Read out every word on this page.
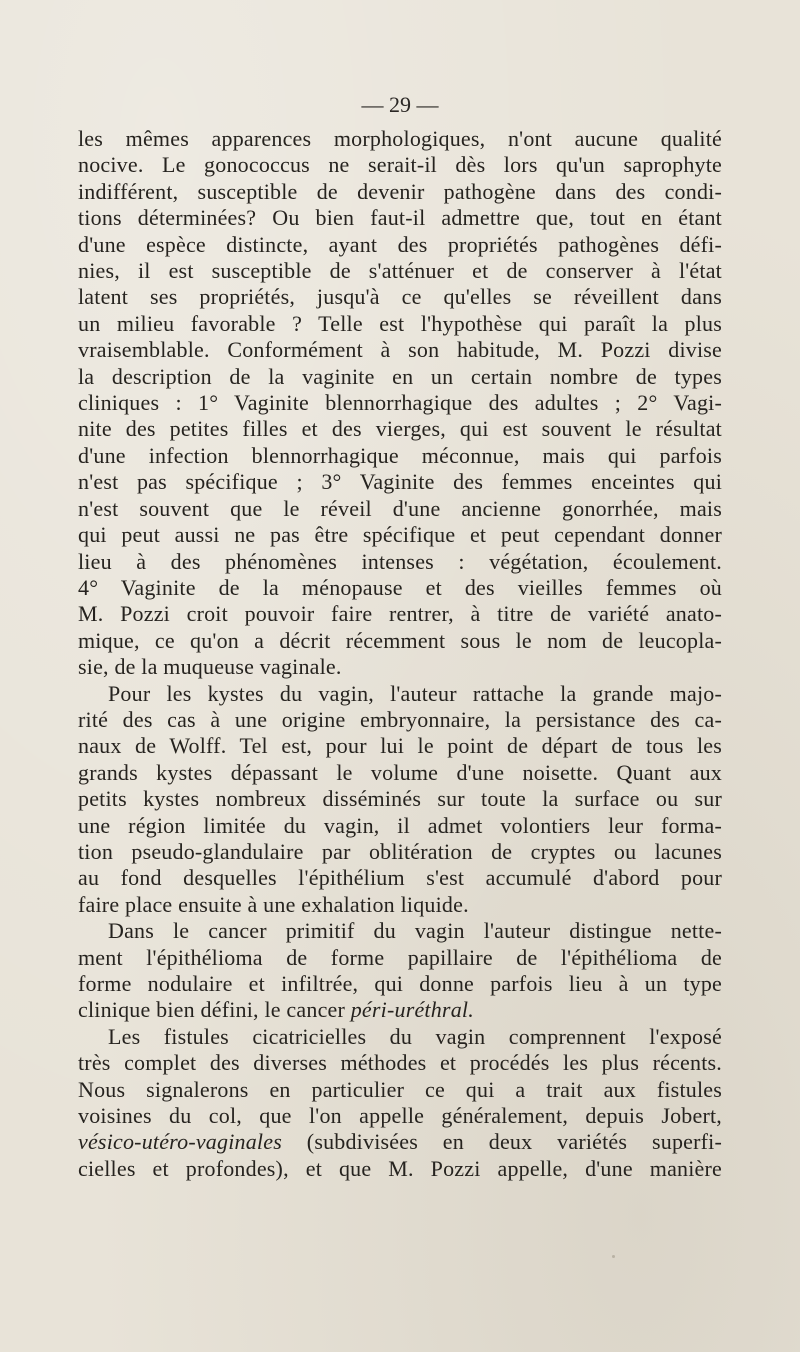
— 29 —
les mêmes apparences morphologiques, n'ont aucune qualité
nocive. Le gonococcus ne serait-il dès lors qu'un saprophyte
indifférent, susceptible de devenir pathogène dans des condi-
tions déterminées? Ou bien faut-il admettre que, tout en étant
d'une espèce distincte, ayant des propriétés pathogènes défi-
nies, il est susceptible de s'atténuer et de conserver à l'état
latent ses propriétés, jusqu'à ce qu'elles se réveillent dans
un milieu favorable ? Telle est l'hypothèse qui paraît la plus
vraisemblable. Conformément à son habitude, M. Pozzi divise
la description de la vaginite en un certain nombre de types
cliniques : 1° Vaginite blennorrhagique des adultes ; 2° Vagi-
nite des petites filles et des vierges, qui est souvent le résultat
d'une infection blennorrhagique méconnue, mais qui parfois
n'est pas spécifique ; 3° Vaginite des femmes enceintes qui
n'est souvent que le réveil d'une ancienne gonorrhée, mais
qui peut aussi ne pas être spécifique et peut cependant donner
lieu à des phénomènes intenses : végétation, écoulement.
4° Vaginite de la ménopause et des vieilles femmes où
M. Pozzi croit pouvoir faire rentrer, à titre de variété anato-
mique, ce qu'on a décrit récemment sous le nom de leucopla-
sie, de la muqueuse vaginale.
Pour les kystes du vagin, l'auteur rattache la grande majo-
rité des cas à une origine embryonnaire, la persistance des ca-
naux de Wolff. Tel est, pour lui le point de départ de tous les
grands kystes dépassant le volume d'une noisette. Quant aux
petits kystes nombreux disséminés sur toute la surface ou sur
une région limitée du vagin, il admet volontiers leur forma-
tion pseudo-glandulaire par oblitération de cryptes ou lacunes
au fond desquelles l'épithélium s'est accumulé d'abord pour
faire place ensuite à une exhalation liquide.
Dans le cancer primitif du vagin l'auteur distingue nette-
ment l'épithélioma de forme papillaire de l'épithélioma de
forme nodulaire et infiltrée, qui donne parfois lieu à un type
clinique bien défini, le cancer péri-uréthral.
Les fistules cicatricielles du vagin comprennent l'exposé
très complet des diverses méthodes et procédés les plus récents.
Nous signalerons en particulier ce qui a trait aux fistules
voisines du col, que l'on appelle généralement, depuis Jobert,
vésico-utéro-vaginales (subdivisées en deux variétés superfi-
cielles et profondes), et que M. Pozzi appelle, d'une manière
